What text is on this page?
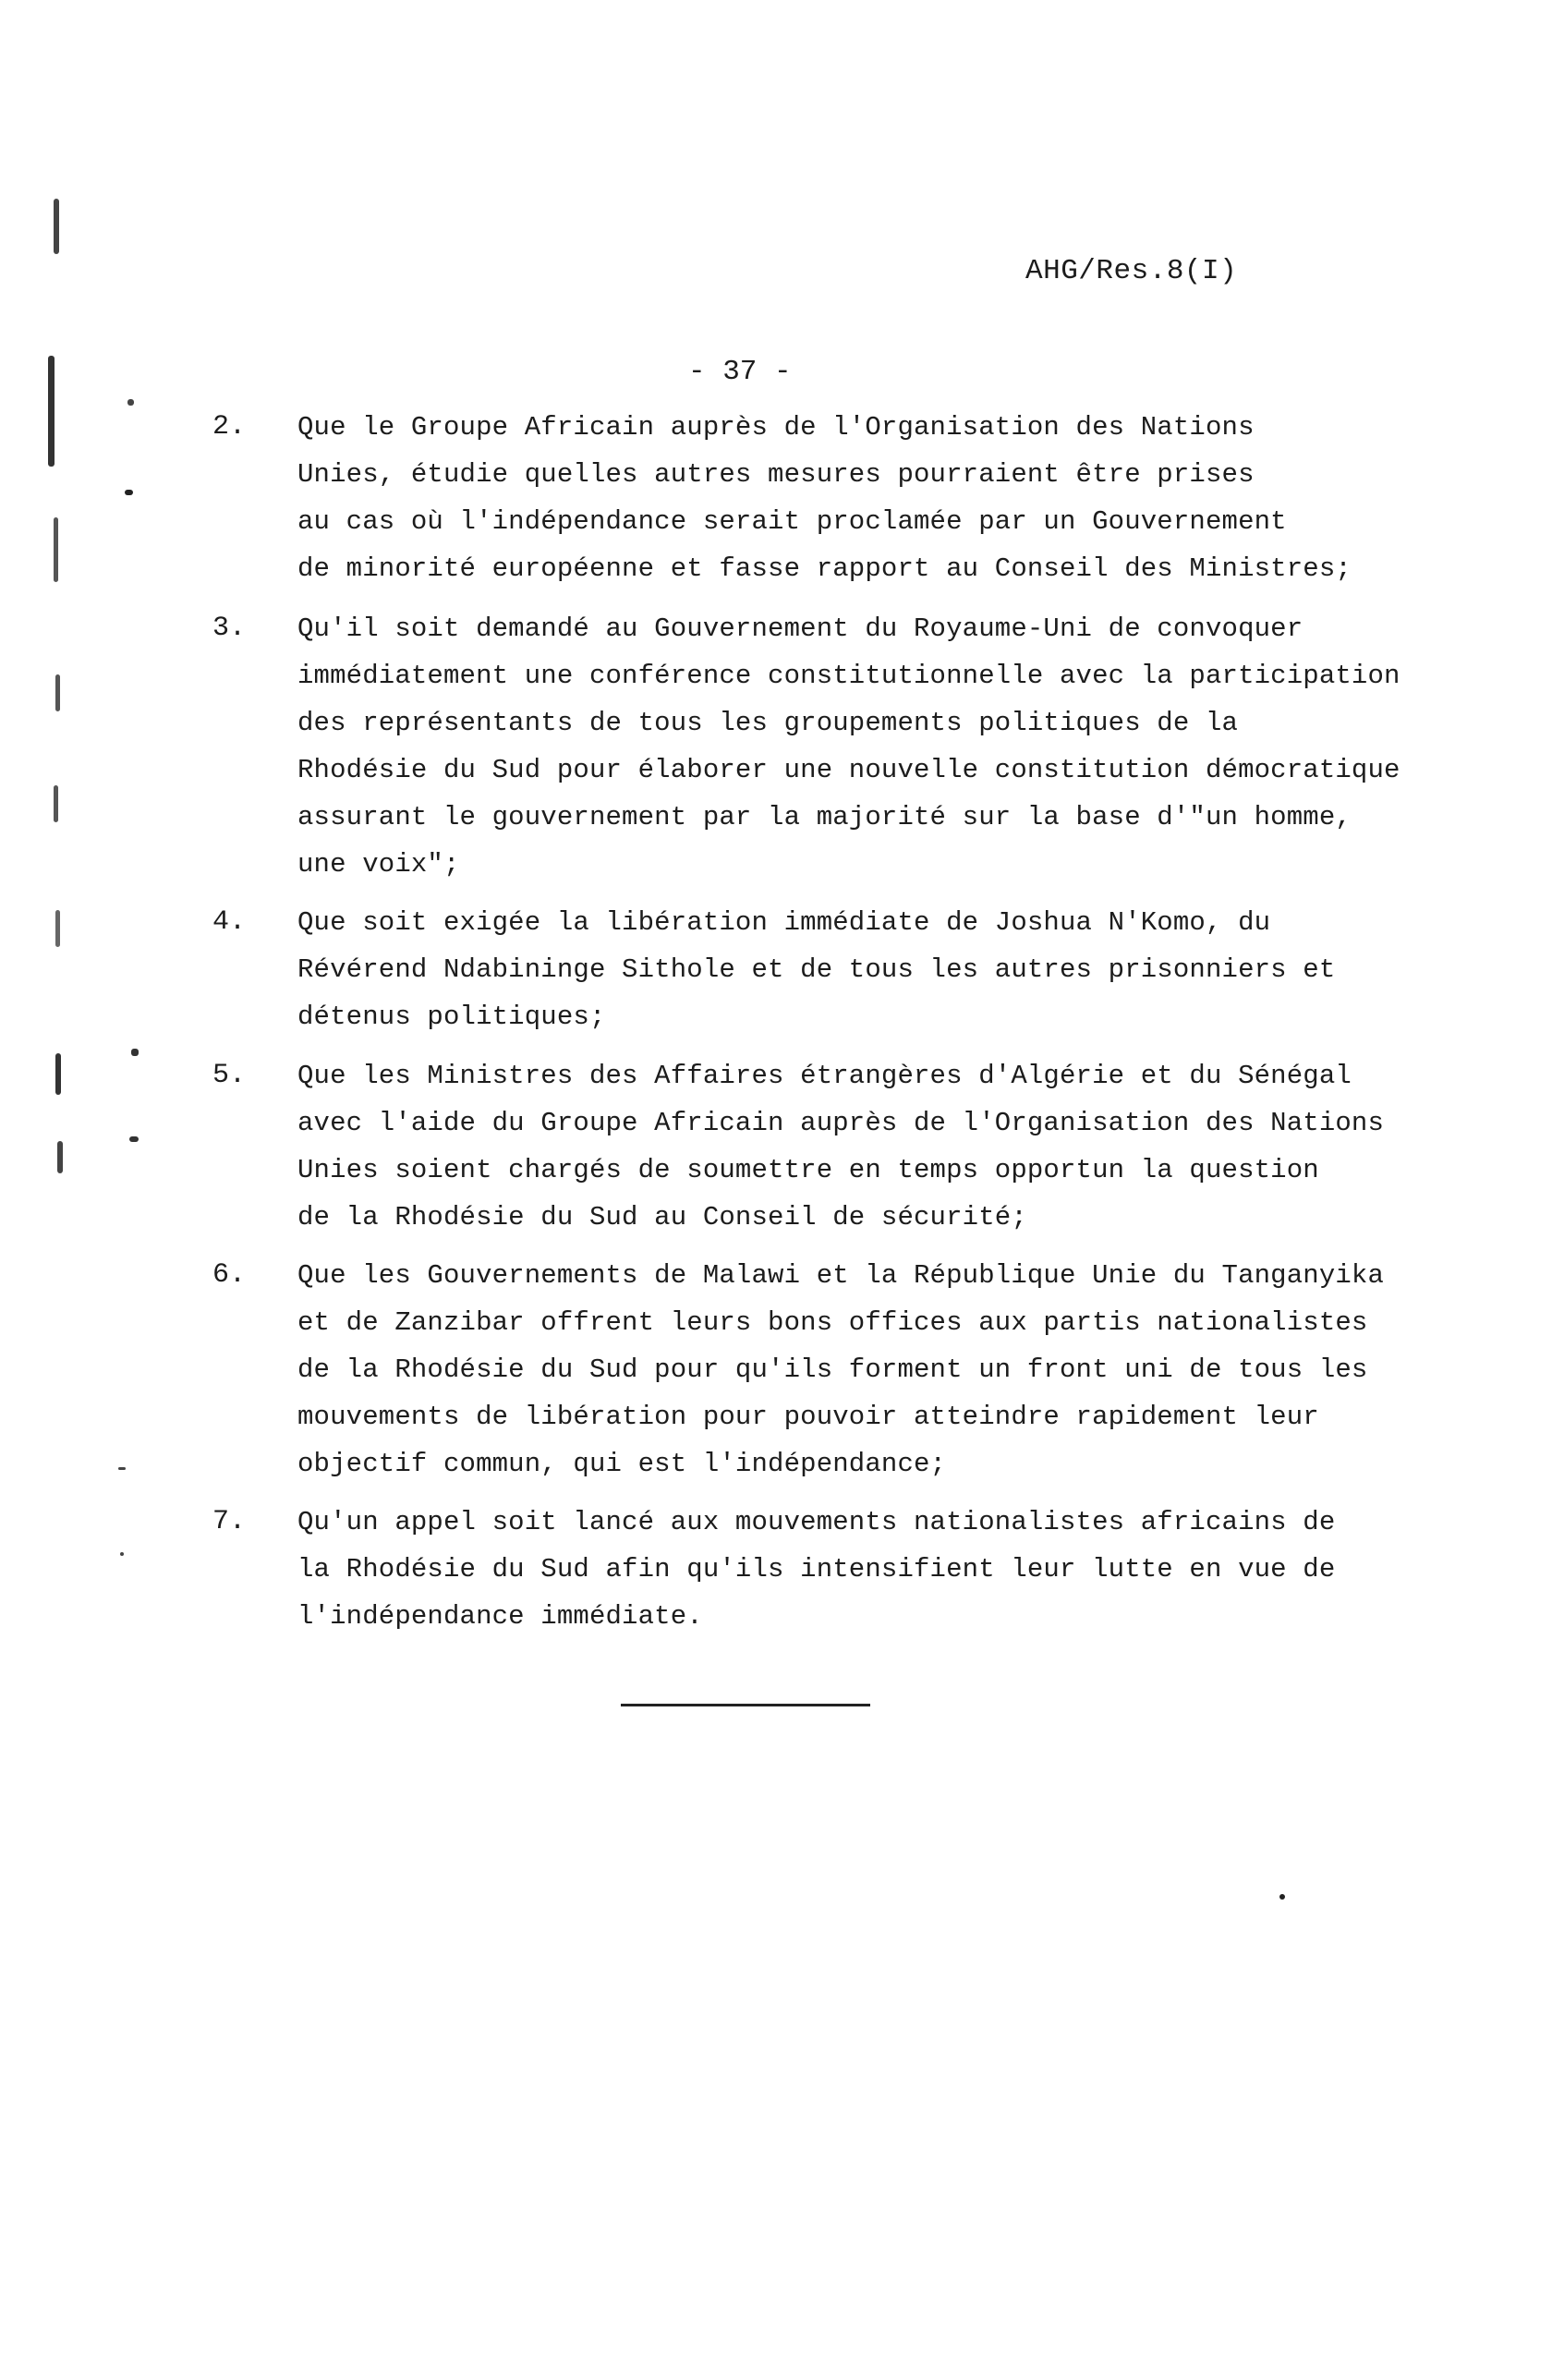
AHG/Res.8(I)
- 37 -
2. Que le Groupe Africain auprès de l'Organisation des Nations
Unies, étudie quelles autres mesures pourraient être prises
au cas où l'indépendance serait proclamée par un Gouvernement
de minorité européenne et fasse rapport au Conseil des Ministres;
3. Qu'il soit demandé au Gouvernement du Royaume-Uni de convoquer
immédiatement une conférence constitutionnelle avec la participation
des représentants de tous les groupements politiques de la
Rhodésie du Sud pour élaborer une nouvelle constitution démocratique
assurant le gouvernement par la majorité sur la base d'"un homme,
une voix";
4. Que soit exigée la libération immédiate de Joshua N'Komo, du
Révérend Ndabininge Sithole et de tous les autres prisonniers et
détenus politiques;
5. Que les Ministres des Affaires étrangères d'Algérie et du Sénégal
avec l'aide du Groupe Africain auprès de l'Organisation des Nations
Unies soient chargés de soumettre en temps opportun la question
de la Rhodésie du Sud au Conseil de sécurité;
6. Que les Gouvernements de Malawi et la République Unie du Tanganyika
et de Zanzibar offrent leurs bons offices aux partis nationalistes
de la Rhodésie du Sud pour qu'ils forment un front uni de tous les
mouvements de libération pour pouvoir atteindre rapidement leur
objectif commun, qui est l'indépendance;
7. Qu'un appel soit lancé aux mouvements nationalistes africains de
la Rhodésie du Sud afin qu'ils intensifient leur lutte en vue de
l'indépendance immédiate.
